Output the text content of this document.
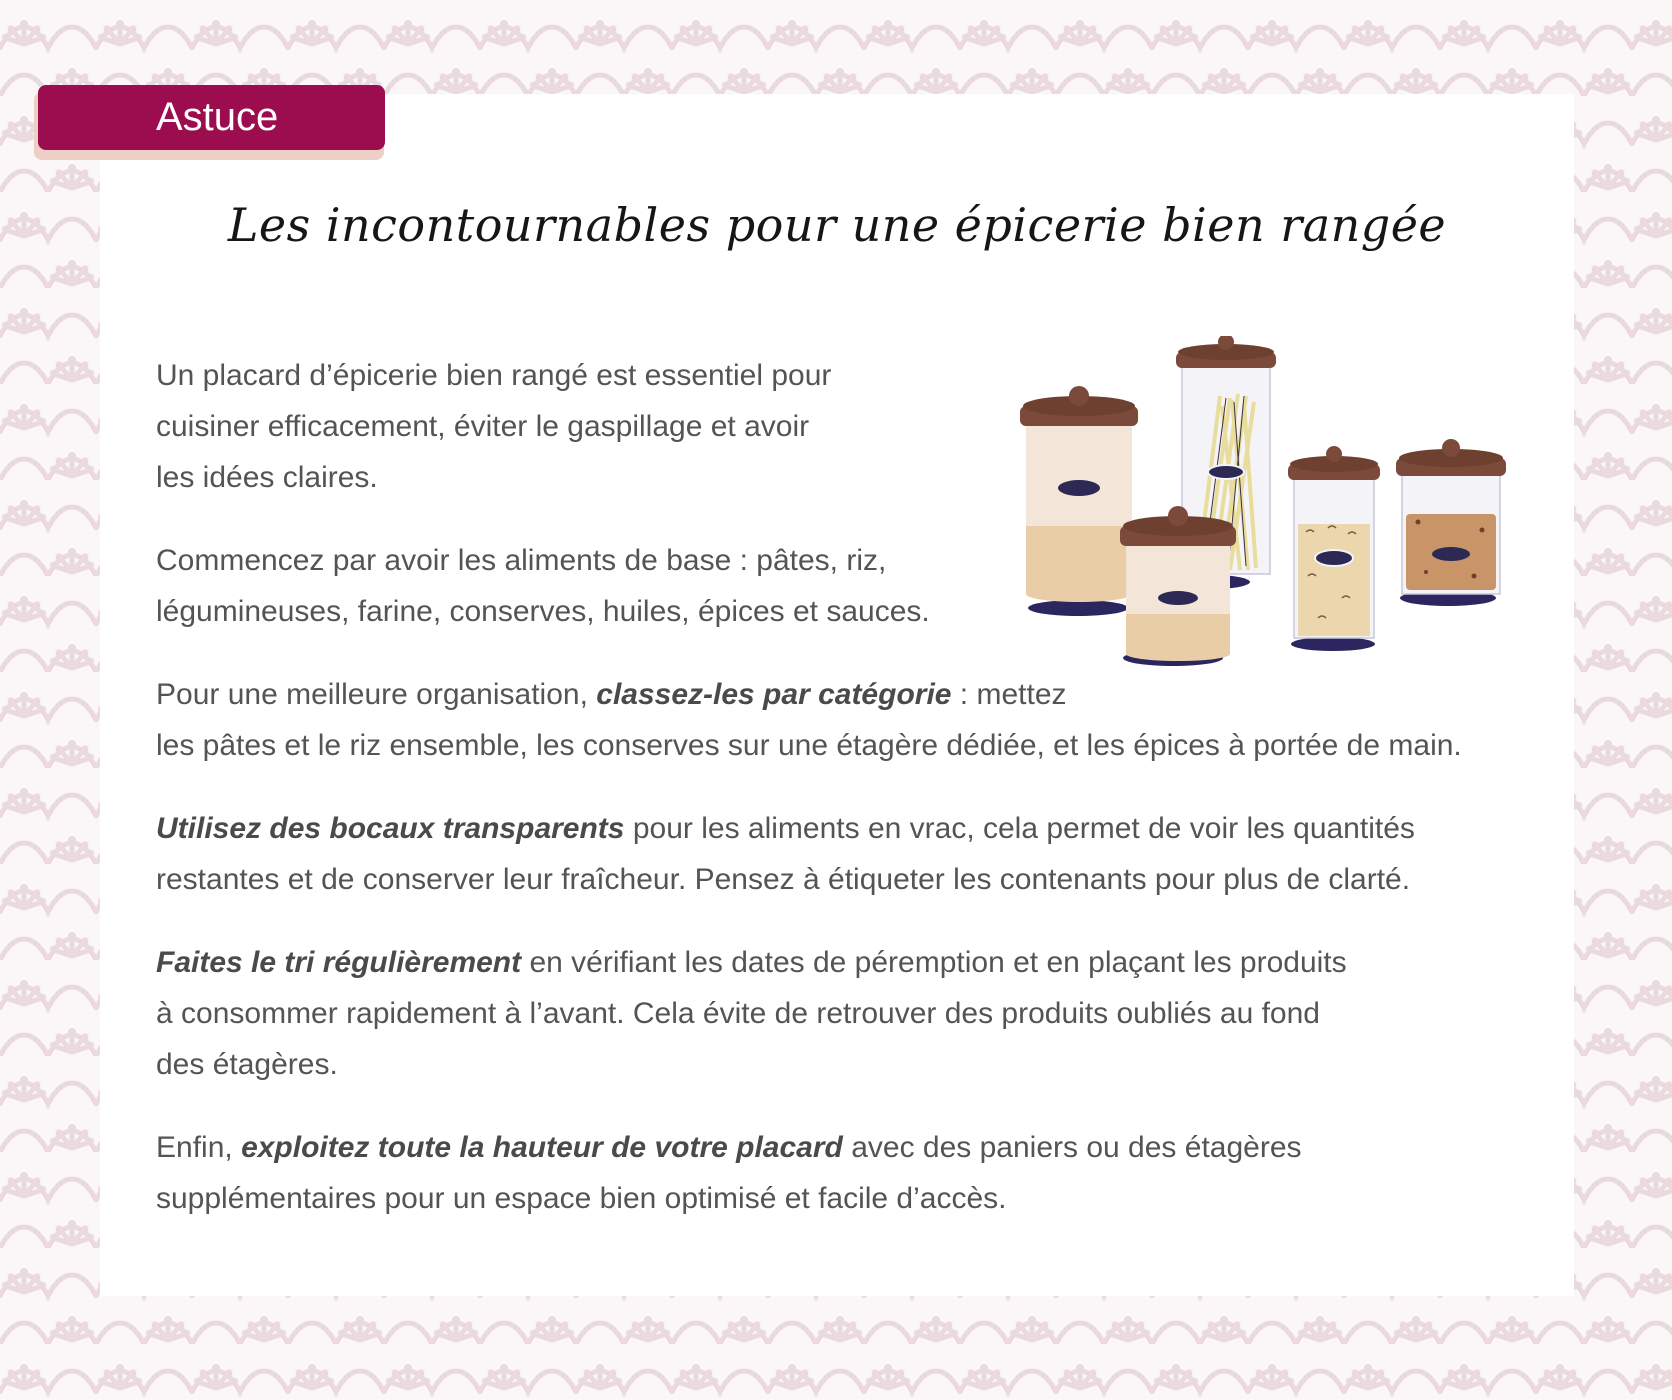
Astuce
Les incontournables pour une épicerie bien rangée

Un placard d’épicerie bien rangé est essentiel pour
cuisiner efficacement, éviter le gaspillage et avoir
les idées claires.

Commencez par avoir les aliments de base : pâtes, riz,
légumineuses, farine, conserves, huiles, épices et sauces.

Pour une meilleure organisation, classez-les par catégorie : mettez
les pâtes et le riz ensemble, les conserves sur une étagère dédiée, et les épices à portée de main.

Utilisez des bocaux transparents pour les aliments en vrac, cela permet de voir les quantités
restantes et de conserver leur fraîcheur. Pensez à étiqueter les contenants pour plus de clarté.

Faites le tri régulièrement en vérifiant les dates de péremption et en plaçant les produits
à consommer rapidement à l’avant. Cela évite de retrouver des produits oubliés au fond
des étagères.

Enfin, exploitez toute la hauteur de votre placard avec des paniers ou des étagères
supplémentaires pour un espace bien optimisé et facile d’accès.
